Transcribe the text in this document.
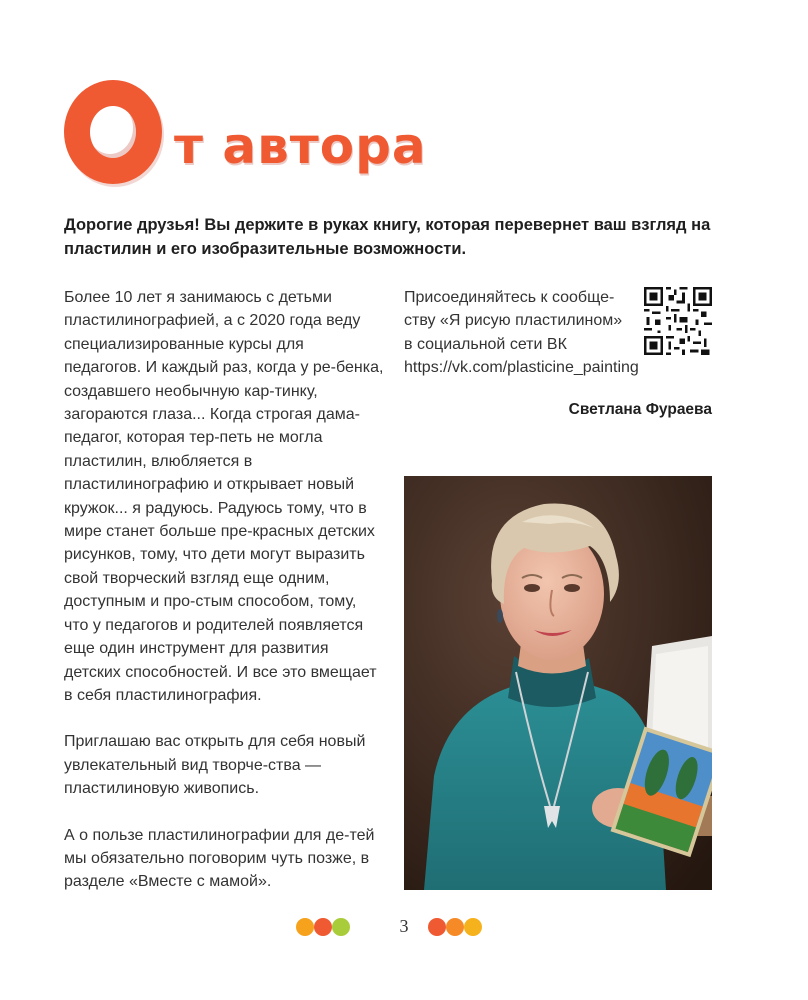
т автора
Дорогие друзья! Вы держите в руках книгу, которая перевернет ваш взгляд на пластилин и его изобразительные возможности.

Более 10 лет я занимаюсь с детьми пластилинографией, а с 2020 года веду специализированные курсы для педагогов. И каждый раз, когда у ре-бенка, создавшего необычную кар-тинку, загораются глаза... Когда строгая дама-педагог, которая тер-петь не могла пластилин, влюбляется в пластилинографию и открывает новый кружок... я радуюсь. Радуюсь тому, что в мире станет больше пре-красных детских рисунков, тому, что дети могут выразить свой творческий взгляд еще одним, доступным и про-стым способом, тому, что у педагогов и родителей появляется еще один инструмент для развития детских способностей. И все это вмещает в себя пластилинография.

Приглашаю вас открыть для себя новый увлекательный вид творче-ства — пластилиновую живопись.

А о пользе пластилинографии для де-тей мы обязательно поговорим чуть позже, в разделе «Вместе с мамой».

Присоединяйтесь к сообще-ству «Я рисую пластилином» в социальной сети ВК https://vk.com/plasticine_painting
Светлана Фураева
3
